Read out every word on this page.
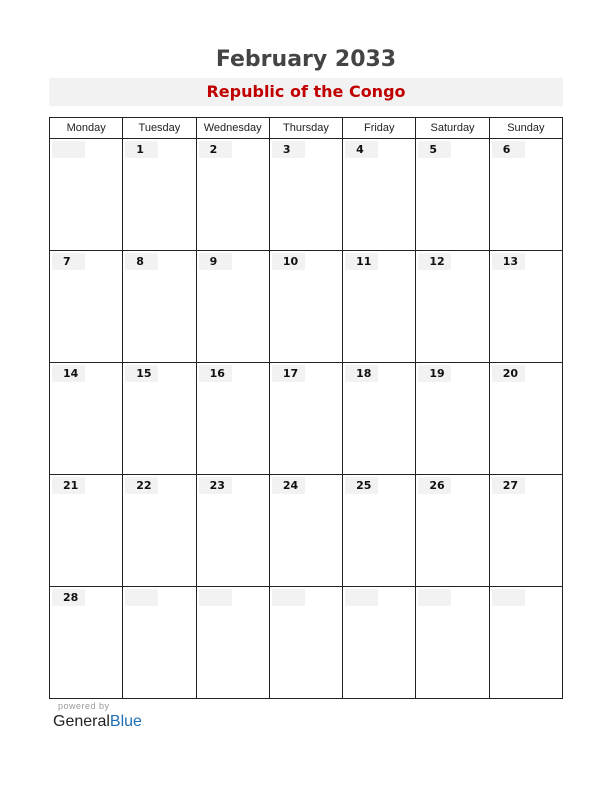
February 2033
Republic of the Congo
Monday	Tuesday	Wednesday	Thursday	Friday	Saturday	Sunday

	1	2	3	4	5	6

7	8	9	10	11	12	13

14	15	16	17	18	19	20

21	22	23	24	25	26	27

28						

powered by
GeneralBlue
